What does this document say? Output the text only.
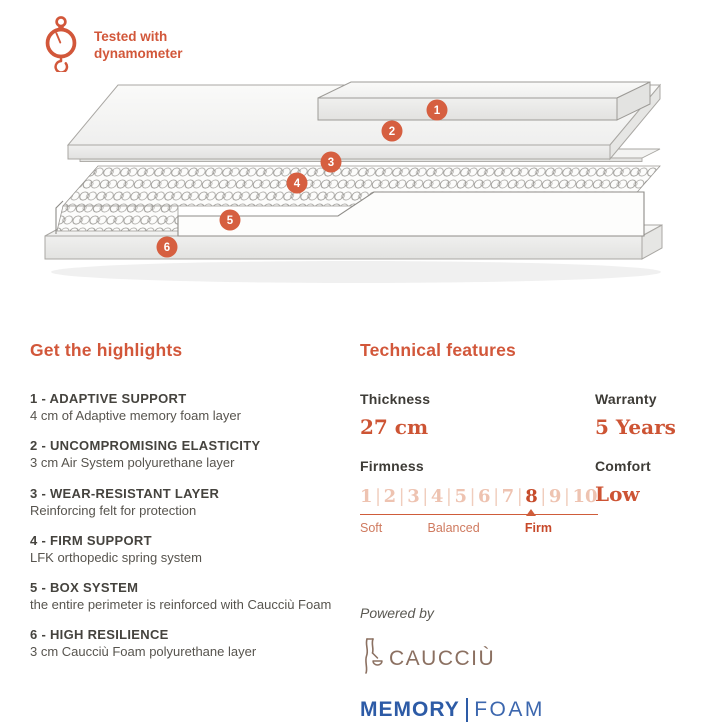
Tested with dynamometer
1
2
3
4
5
6
Get the highlights
1 - ADAPTIVE SUPPORT
4 cm of Adaptive memory foam layer
2 - UNCOMPROMISING ELASTICITY
3 cm Air System polyurethane layer
3 - WEAR-RESISTANT LAYER
Reinforcing felt for protection
4 - FIRM SUPPORT
LFK orthopedic spring system
5 - BOX SYSTEM
the entire perimeter is reinforced with Caucciù Foam
6 - HIGH RESILIENCE
3 cm Caucciù Foam polyurethane layer
Technical features
Thickness
27 cm
Warranty
5 Years
Firmness
1 | 2 | 3 | 4 | 5 | 6 | 7 | 8 | 9 | 10
Soft	Balanced	Firm
Comfort
Low
Powered by
CAUCCIÙ
MEMORY FOAM
